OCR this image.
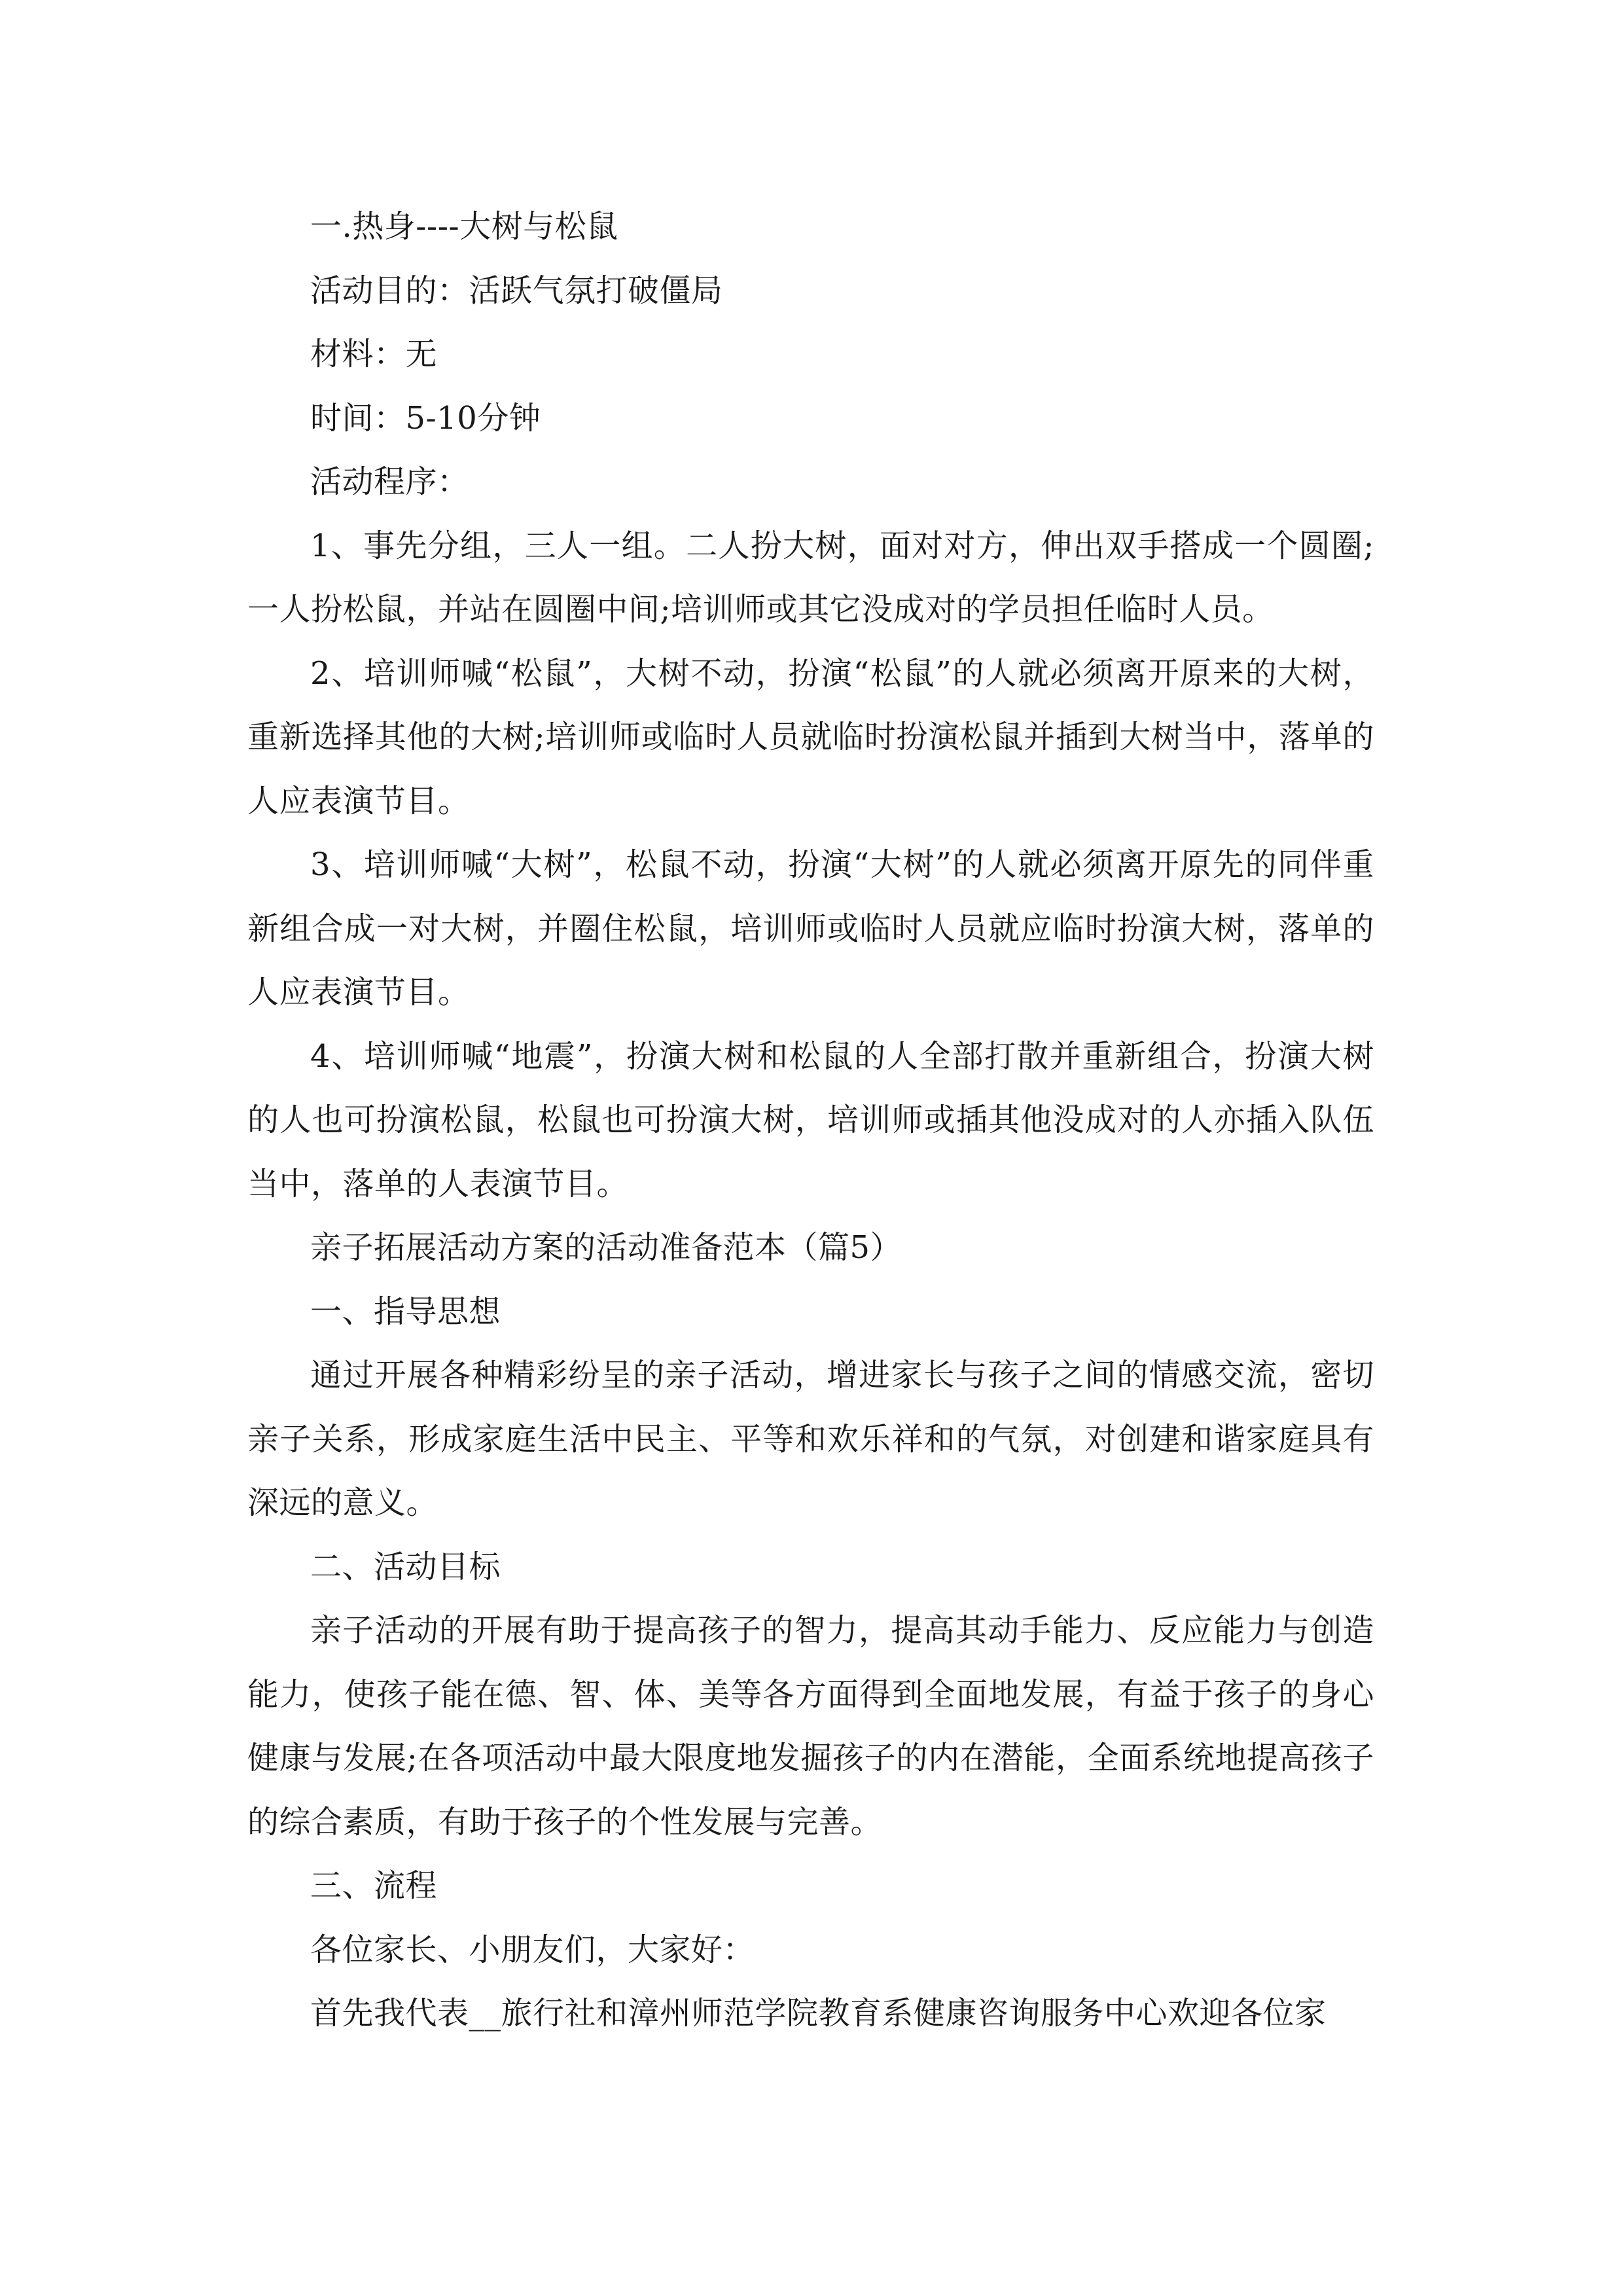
一.热身----大树与松鼠

活动目的：活跃气氛打破僵局

材料：无

时间：5-10分钟

活动程序：

1、事先分组，三人一组。二人扮大树，面对对方，伸出双手搭成一个圆圈;一人扮松鼠，并站在圆圈中间;培训师或其它没成对的学员担任临时人员。

2、培训师喊“松鼠”，大树不动，扮演“松鼠”的人就必须离开原来的大树，重新选择其他的大树;培训师或临时人员就临时扮演松鼠并插到大树当中，落单的人应表演节目。

3、培训师喊“大树”，松鼠不动，扮演“大树”的人就必须离开原先的同伴重新组合成一对大树，并圈住松鼠，培训师或临时人员就应临时扮演大树，落单的人应表演节目。

4、培训师喊“地震”，扮演大树和松鼠的人全部打散并重新组合，扮演大树的人也可扮演松鼠，松鼠也可扮演大树，培训师或插其他没成对的人亦插入队伍当中，落单的人表演节目。

亲子拓展活动方案的活动准备范本（篇5）

一、指导思想

通过开展各种精彩纷呈的亲子活动，增进家长与孩子之间的情感交流，密切亲子关系，形成家庭生活中民主、平等和欢乐祥和的气氛，对创建和谐家庭具有深远的意义。

二、活动目标

亲子活动的开展有助于提高孩子的智力，提高其动手能力、反应能力与创造能力，使孩子能在德、智、体、美等各方面得到全面地发展，有益于孩子的身心健康与发展;在各项活动中最大限度地发掘孩子的内在潜能，全面系统地提高孩子的综合素质，有助于孩子的个性发展与完善。

三、流程

各位家长、小朋友们，大家好：

首先我代表__旅行社和漳州师范学院教育系健康咨询服务中心欢迎各位家
